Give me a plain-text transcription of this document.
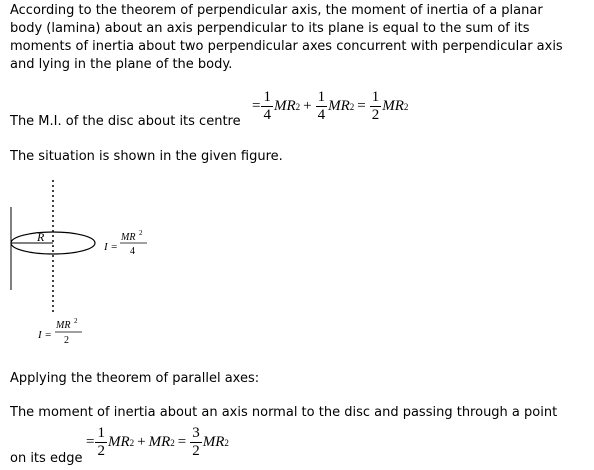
According to the theorem of perpendicular axis, the moment of inertia of a planar
body (lamina) about an axis perpendicular to its plane is equal to the sum of its
moments of inertia about two perpendicular axes concurrent with perpendicular axis
and lying in the plane of the body.
= $\frac{1}{4}$ MR $2 + \frac{1}{4}$ MR $2 = \frac{1}{2}$ MR 2
The M.I. of the disc about its centre
The situation is shown in the given figure.
R
I =
MR 2
4
I =
MR 2
2
Applying the theorem of parallel axes:
The moment of inertia about an axis normal to the disc and passing through a point
on its edge
= $\frac{1}{2}$ MR 2 + MR $2 = \frac{3}{2}$ MR 2
